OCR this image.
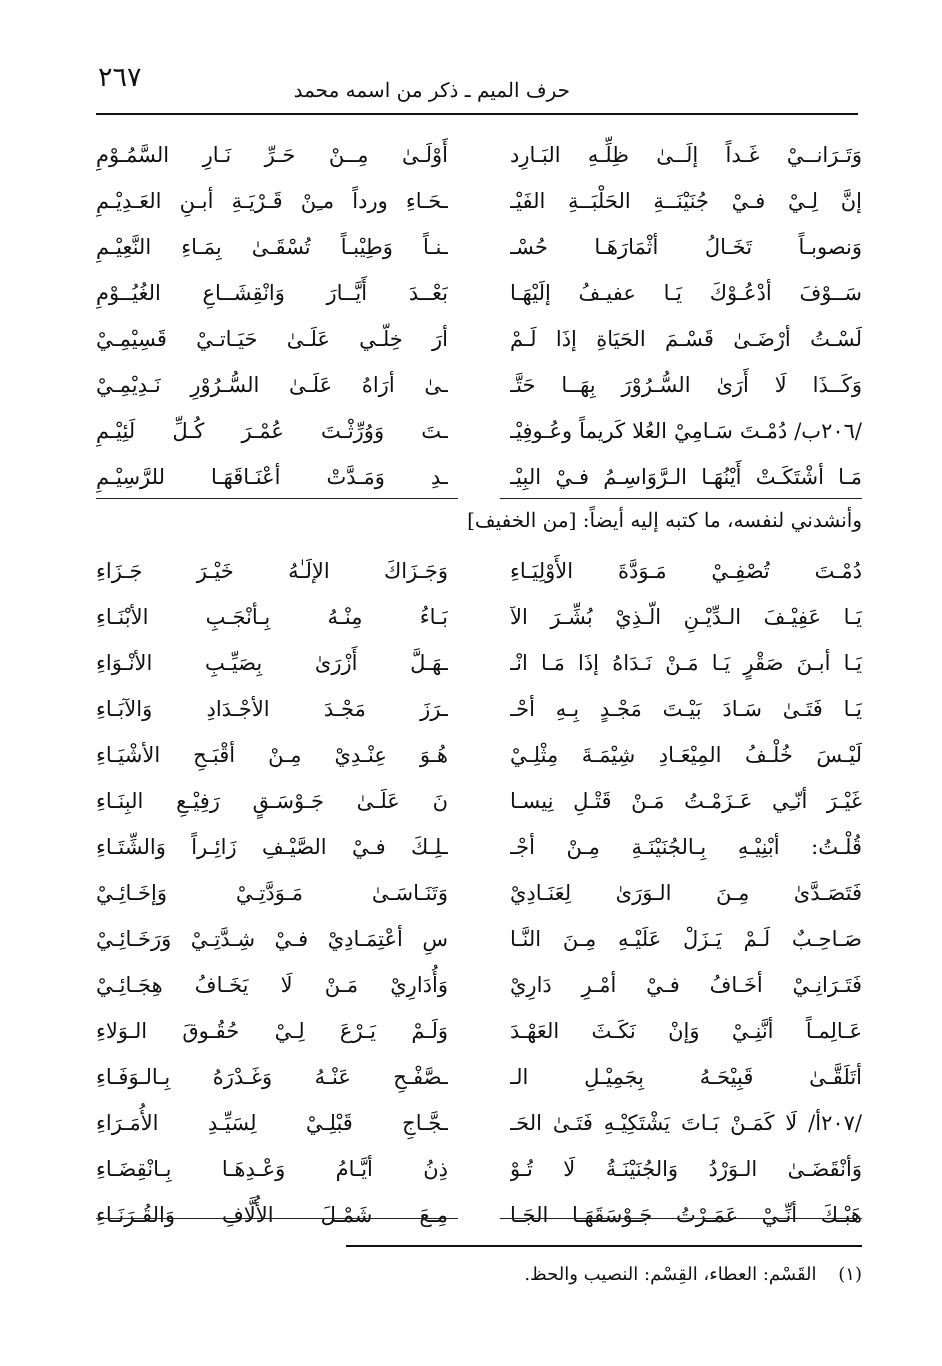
٢٦٧	حرف الميم ـ ذكر من اسمه محمد
وَتَـرَانــيْ غَـداً إلَــىٰ ظِلِّـهِ البَـارِد
أَوْلَـىٰ مِــنْ حَـرِّ نَـارِ السَّمُـوْمِ
إنَّ لِـيْ فـيْ جُنَيْنَــةِ الحَلْبَــةِ الفَيْـ
ـحَـاءِ ورداً مـِنْ قَـرْيَـةِ أبـنِ العَـدِيْـمِ
وَنصوبـاً تَخَـالُ أثْمَارَهَـا حُسْـ
ـنـاً وَطِيْبـاً تُسْقَـىٰ بِمَـاءِ النَّعِيْـمِ
سَــوْفَ أدْعُـوْكَ يَـا عفيـفُ إلَيْهَـا
بَعْــدَ أَيَّــارَ وَانْقِشَــاعِ الغُيُــوْمِ
لَسْـتُ أرْضَـىٰ قَسْـمَ الحَيَاةِ إذَا لَـمْ
أرَ خِلّـي عَلَـىٰ حَيَـاتـيْ قَسِيْمِـيْ
وَكَــذَا لَا أَرَىٰ السُّـرُوْرَ بِهَــا حَتَّـ
ـىٰ أرَاهُ عَلَـىٰ السُّـرُوْرِ نَـدِيْمِـيْ
/٢٠٦ب/ دُمْـتَ سَـامِيْ العُلا كَريماً وعُـوفِيْـ
ـتَ وَوُرِّثْـتَ عُمْـرَ كُـلِّ لَئِيْـمِ
مَـا أشْتَكَـتْ أَيْنُهَـا الـرَّوَاسِـمُ فـيْ البِيْـ
ـدِ وَمَـدَّتْ أعْنَـاقَهَـا للرَّسِيْـمِ
وأنشدني لنفسه، ما كتبه إليه أيضاً: [من الخفيف]
دُمْـتَ تُصْفِـيْ مَـوَدَّةَ الأَوْلِيَـاءِ
وَجَـزَاكَ الإلَـٰهُ خَيْـرَ جَـزَاءِ
يَـا عَفِيْـفَ الـدِّيْـنِ الّـذِيْ بُشِّـرَ الآ
بَـاءُ مِنْـهُ بِـأنْجَـبِ الأبْنَـاءِ
يَـا أبـنَ صَقْرٍ يَـا مَـنْ نَـدَاهُ إذَا مَـا انْـ
ـهَـلَّ أَزْرَىٰ بِصَيِّـبِ الأنْـوَاءِ
يَـا فَتَـىٰ سَـادَ بَيْـتَ مَجْـدٍ بِـهِ أحْـ
ـرَزَ مَجْـدَ الأجْـدَادِ وَالآبَـاءِ
لَيْـسَ خُلْـفُ المِيْعَـادِ شِيْمَـةَ مِثْلِـيْ
هُـوَ عِنْـدِيْ مِـنْ أقْبَـحِ الأشْيَـاءِ
غَيْـرَ أنّـِي عَـزَمْـتُ مَـنْ قَتْـلِ نِيسـا
نَ عَلَـىٰ جَـوْسَـقٍ رَفِيْـعِ البِنَـاءِ
قُلْـتُ: أبْنِيْـهِ بِـالجُنَيْنَـةِ مِـنْ أجْـ
ـلِـكَ فـيْ الصَّيْـفِ زَائِـراً وَالشِّتَـاءِ
فَتَصَـدَّىٰ مِـنَ الـوَرَىٰ لِعَنَـادِيْ
وَتَنَـاسَـىٰ مَـوَدَّتِـيْ وَإخَـائِـيْ
صَـاحِـبٌ لَـمْ يَـزَلْ عَلَيْـهِ مِـنَ النَّـا
سِ أعْتِمَـادِيْ فـيْ شِـدَّتِـيْ وَرَخَـائِـيْ
فَتَـرَانِـيْ أخَـافُ فـيْ أمْـرِ دَارِيْ
وَأُدَارِيْ مَـنْ لَا يَخَـافُ هِجَـائِـيْ
عَـالِمـاً أنَّنِـيْ وَإنْ نَكَـثَ العَهْـدَ
وَلَـمْ يَـرْعَ لِـيْ حُقُـوقَ الـوَلاءِ
أتَلَقَّـىٰ قَبِيْحَـهُ بِجَمِيْـلِ الـ
ـصَّفْـحِ عَنْـهُ وَغَـدْرَهُ بِـالـوَفَـاءِ
/٢٠٧أ/ لَا كَمَـنْ بَـاتَ يَشْتَكِيْـهِ فَتَـىٰ الحَـ
ـجَّـاجِ قَبْلِـيْ لِسَيِّـدِ الأُمَـرَاءِ
وَأنْقَضَـىٰ الـوَرْدُ وَالجُنَيْنَـةُ لَا تُـوْ
ذِنُ أيَّـامُ وَعْـدِهَـا بِـانْقِضَـاءِ
هَبْـكَ أنِّـيْ عَمَـرْتُ جَـوْسَقَهَـا الجَـا
مِـعَ شَمْـلَ الأُلَّافِ وَالقُـرَنَـاءِ
(١) القَسْم: العطاء، القِسْم: النصيب والحظ.
